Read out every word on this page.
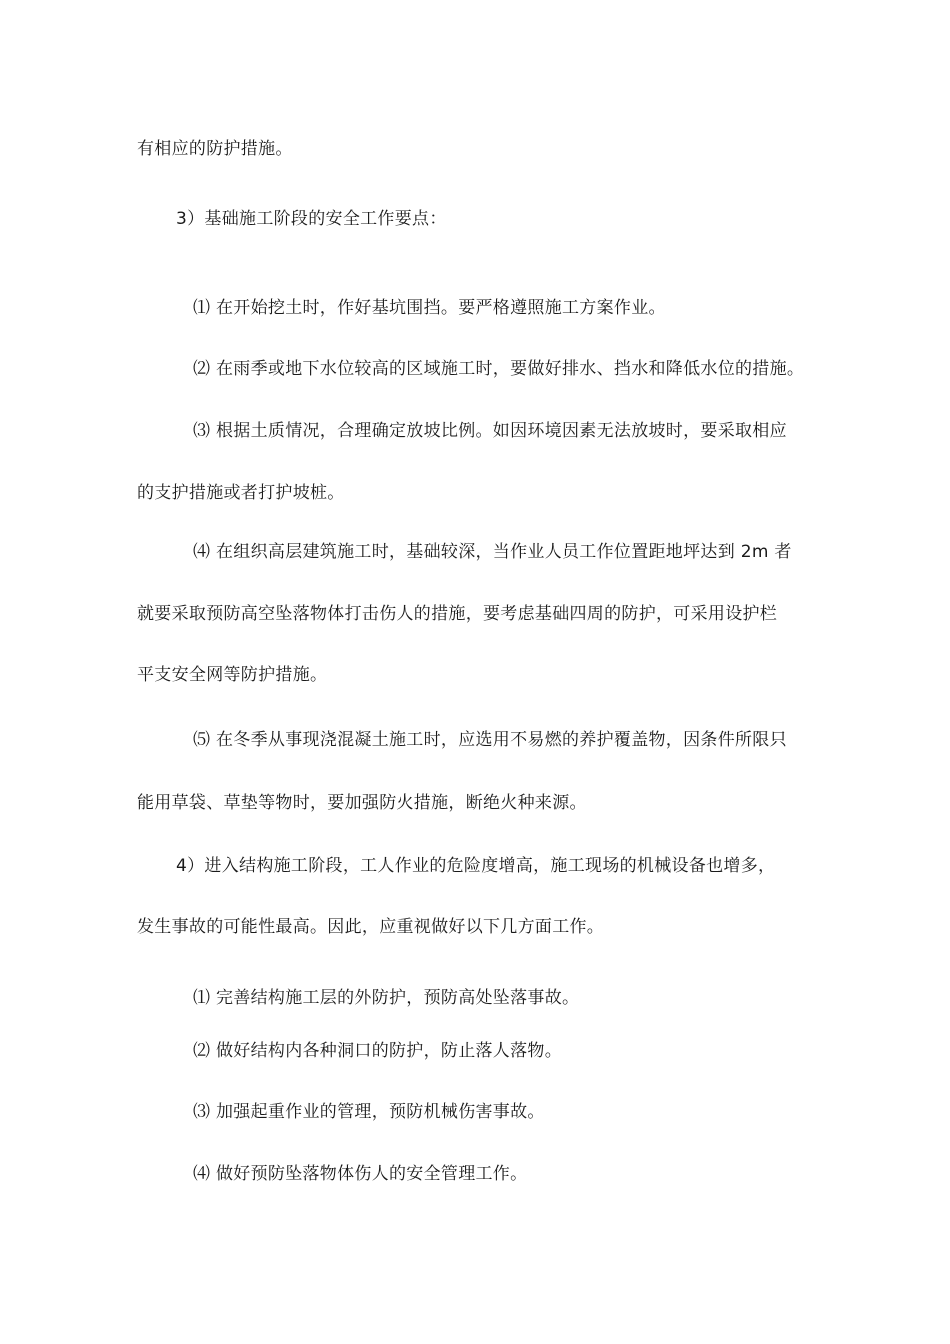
有相应的防护措施。
3）基础施工阶段的安全工作要点：
⑴ 在开始挖土时，作好基坑围挡。要严格遵照施工方案作业。
⑵ 在雨季或地下水位较高的区域施工时，要做好排水、挡水和降低水位的措施。
⑶ 根据土质情况，合理确定放坡比例。如因环境因素无法放坡时，要采取相应
的支护措施或者打护坡桩。
⑷ 在组织高层建筑施工时，基础较深，当作业人员工作位置距地坪达到 2m 者
就要采取预防高空坠落物体打击伤人的措施，要考虑基础四周的防护，可采用设护栏
平支安全网等防护措施。
⑸ 在冬季从事现浇混凝土施工时，应选用不易燃的养护覆盖物，因条件所限只
能用草袋、草垫等物时，要加强防火措施，断绝火种来源。
4）进入结构施工阶段，工人作业的危险度增高，施工现场的机械设备也增多，
发生事故的可能性最高。因此，应重视做好以下几方面工作。
⑴ 完善结构施工层的外防护，预防高处坠落事故。
⑵ 做好结构内各种洞口的防护，防止落人落物。
⑶ 加强起重作业的管理，预防机械伤害事故。
⑷ 做好预防坠落物体伤人的安全管理工作。
